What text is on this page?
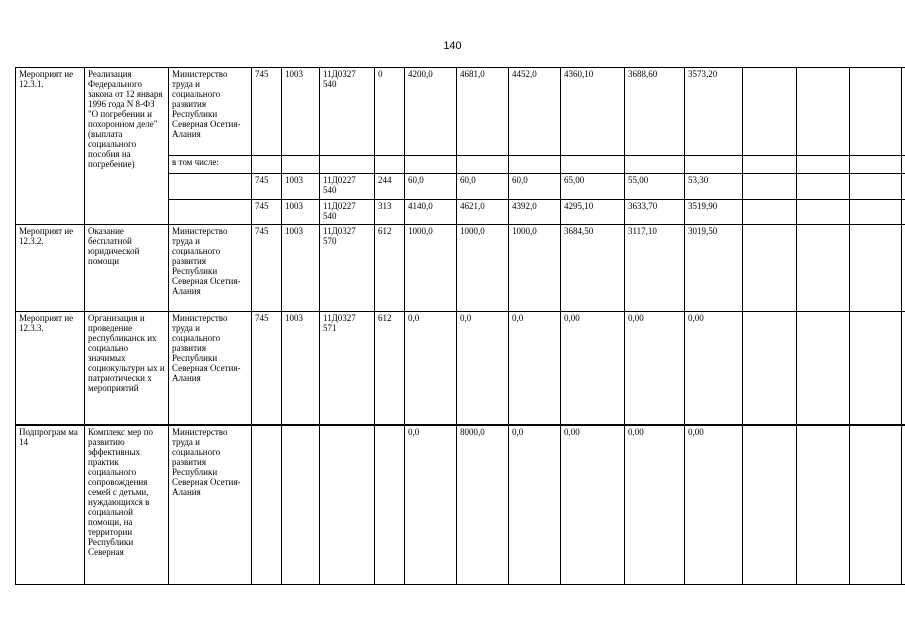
140
Мероприят ие 12.3.1.	Реализация Федерального закона от 12 января 1996 года N 8-ФЗ "О погребении и похоронном деле" (выплата социального пособия на погребение)	Министерство труда и социального развития Республики Северная Осетия-Алания	745	1003	11Д0327 540	0	4200,0	4681,0	4452,0	4360,10	3688,60	3573,20				
		в том числе:														
			745	1003	11Д0227 540	244	60,0	60,0	60,0	65,00	55,00	53,30				
			745	1003	11Д0227 540	313	4140,0	4621,0	4392,0	4295,10	3633,70	3519,90				
Мероприят ие 12.3.2.	Оказание бесплатной юридической помощи	Министерство труда и социального развития Республики Северная Осетия-Алания	745	1003	11Д0327 570	612	1000,0	1000,0	1000,0	3684,50	3117,10	3019,50				
Мероприят ие 12.3.3.	Организация и проведение республиканск их социально значимых социокультурн ых и патриотически х мероприятий	Министерство труда и социального развития Республики Северная Осетия-Алания	745	1003	11Д0327 571	612	0,0	0,0	0,0	0,00	0,00	0,00				
Подпрограм ма 14	Комплекс мер по развитию эффективных практик социального сопровождения семей с детьми, нуждающихся в социальной помощи, на территории Республики Северная	Министерство труда и социального развития Республики Северная Осетия-Алания					0,0	8000,0	0,0	0,00	0,00	0,00				
